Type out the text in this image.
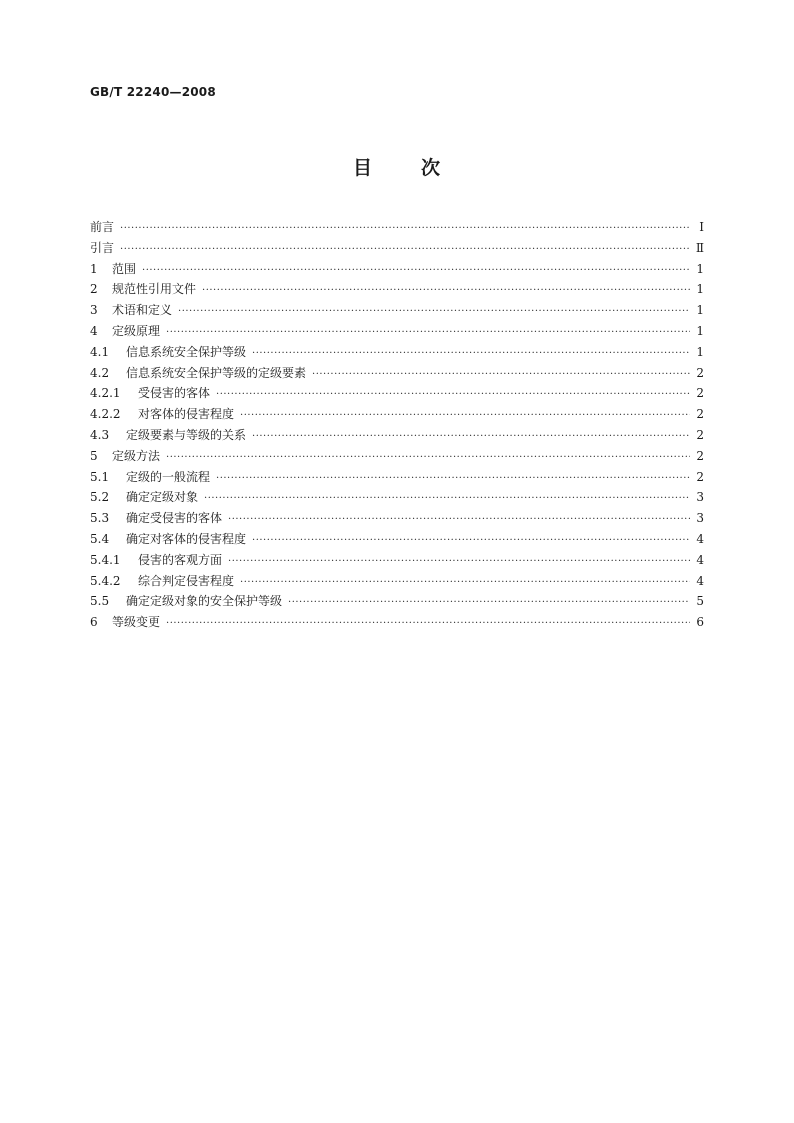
GB/T 22240—2008
目	次
前言 ·····	Ⅰ
引言 ·····	Ⅱ
1	范围 ·····	1
2	规范性引用文件 ·····	1
3	术语和定义 ·····	1
4	定级原理 ·····	1
4.1	信息系统安全保护等级 ·····	1
4.2	信息系统安全保护等级的定级要素 ·····	2
4.2.1	受侵害的客体 ·····	2
4.2.2	对客体的侵害程度 ·····	2
4.3	定级要素与等级的关系 ·····	2
5	定级方法 ·····	2
5.1	定级的一般流程 ·····	2
5.2	确定定级对象 ·····	3
5.3	确定受侵害的客体 ·····	3
5.4	确定对客体的侵害程度 ·····	4
5.4.1	侵害的客观方面 ·····	4
5.4.2	综合判定侵害程度 ·····	4
5.5	确定定级对象的安全保护等级 ·····	5
6	等级变更 ·····	6
